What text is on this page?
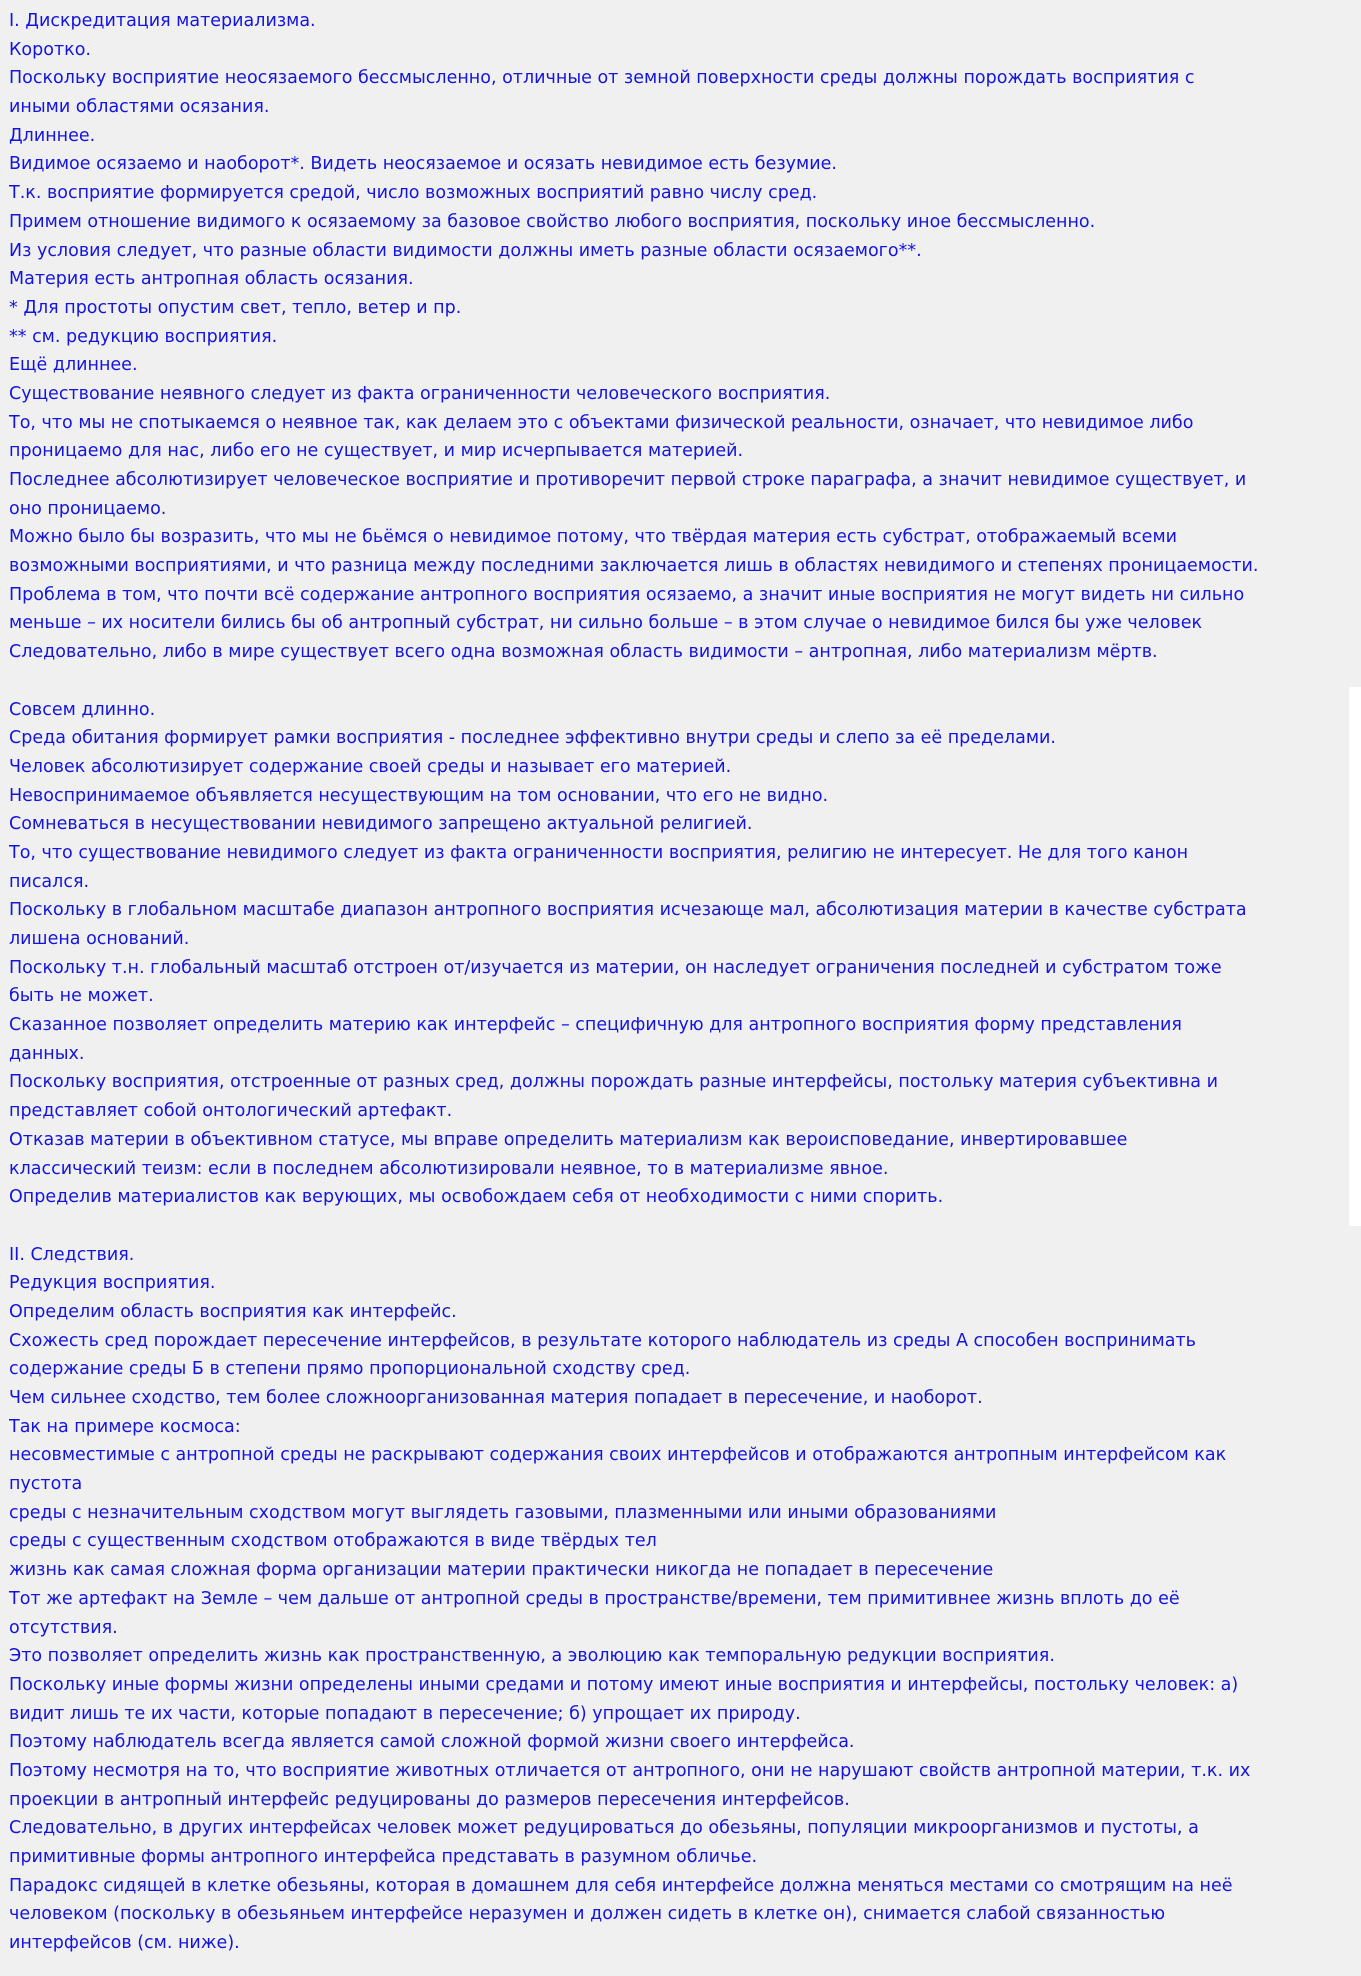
I. Дискредитация материализма.
Коротко.
Поскольку восприятие неосязаемого бессмысленно, отличные от земной поверхности среды должны порождать восприятия с
иными областями осязания.
Длиннее.
Видимое осязаемо и наоборот*. Видеть неосязаемое и осязать невидимое есть безумие.
Т.к. восприятие формируется средой, число возможных восприятий равно числу сред.
Примем отношение видимого к осязаемому за базовое свойство любого восприятия, поскольку иное бессмысленно.
Из условия следует, что разные области видимости должны иметь разные области осязаемого**.
Материя есть антропная область осязания.
* Для простоты опустим свет, тепло, ветер и пр.
** см. редукцию восприятия.
Ещё длиннее.
Существование неявного следует из факта ограниченности человеческого восприятия.
То, что мы не спотыкаемся о неявное так, как делаем это с объектами физической реальности, означает, что невидимое либо
проницаемо для нас, либо его не существует, и мир исчерпывается материей.
Последнее абсолютизирует человеческое восприятие и противоречит первой строке параграфа, а значит невидимое существует, и
оно проницаемо.
Можно было бы возразить, что мы не бьёмся о невидимое потому, что твёрдая материя есть субстрат, отображаемый всеми
возможными восприятиями, и что разница между последними заключается лишь в областях невидимого и степенях проницаемости.
Проблема в том, что почти всё содержание антропного восприятия осязаемо, а значит иные восприятия не могут видеть ни сильно
меньше – их носители бились бы об антропный субстрат, ни сильно больше – в этом случае о невидимое бился бы уже человек
Следовательно, либо в мире существует всего одна возможная область видимости – антропная, либо материализм мёртв.

Совсем длинно.
Среда обитания формирует рамки восприятия - последнее эффективно внутри среды и слепо за её пределами.
Человек абсолютизирует содержание своей среды и называет его материей.
Невоспринимаемое объявляется несуществующим на том основании, что его не видно.
Сомневаться в несуществовании невидимого запрещено актуальной религией.
То, что существование невидимого следует из факта ограниченности восприятия, религию не интересует. Не для того канон
писался.
Поскольку в глобальном масштабе диапазон антропного восприятия исчезающе мал, абсолютизация материи в качестве субстрата
лишена оснований.
Поскольку т.н. глобальный масштаб отстроен от/изучается из материи, он наследует ограничения последней и субстратом тоже
быть не может.
Сказанное позволяет определить материю как интерфейс – специфичную для антропного восприятия форму представления
данных.
Поскольку восприятия, отстроенные от разных сред, должны порождать разные интерфейсы, постольку материя субъективна и
представляет собой онтологический артефакт.
Отказав материи в объективном статусе, мы вправе определить материализм как вероисповедание, инвертировавшее
классический теизм: если в последнем абсолютизировали неявное, то в материализме явное.
Определив материалистов как верующих, мы освобождаем себя от необходимости с ними спорить.

II. Следствия.
Редукция восприятия.
Определим область восприятия как интерфейс.
Схожесть сред порождает пересечение интерфейсов, в результате которого наблюдатель из среды А способен воспринимать
содержание среды Б в степени прямо пропорциональной сходству сред.
Чем сильнее сходство, тем более сложноорганизованная материя попадает в пересечение, и наоборот.
Так на примере космоса:
несовместимые с антропной среды не раскрывают содержания своих интерфейсов и отображаются антропным интерфейсом как
пустота
среды с незначительным сходством могут выглядеть газовыми, плазменными или иными образованиями
среды с существенным сходством отображаются в виде твёрдых тел
жизнь как самая сложная форма организации материи практически никогда не попадает в пересечение
Тот же артефакт на Земле – чем дальше от антропной среды в пространстве/времени, тем примитивнее жизнь вплоть до её
отсутствия.
Это позволяет определить жизнь как пространственную, а эволюцию как темпоральную редукции восприятия.
Поскольку иные формы жизни определены иными средами и потому имеют иные восприятия и интерфейсы, постольку человек: а)
видит лишь те их части, которые попадают в пересечение; б) упрощает их природу.
Поэтому наблюдатель всегда является самой сложной формой жизни своего интерфейса.
Поэтому несмотря на то, что восприятие животных отличается от антропного, они не нарушают свойств антропной материи, т.к. их
проекции в антропный интерфейс редуцированы до размеров пересечения интерфейсов.
Следовательно, в других интерфейсах человек может редуцироваться до обезьяны, популяции микроорганизмов и пустоты, а
примитивные формы антропного интерфейса представать в разумном обличье.
Парадокс сидящей в клетке обезьяны, которая в домашнем для себя интерфейсе должна меняться местами со смотрящим на неё
человеком (поскольку в обезьяньем интерфейсе неразумен и должен сидеть в клетке он), снимается слабой связанностью
интерфейсов (см. ниже).
